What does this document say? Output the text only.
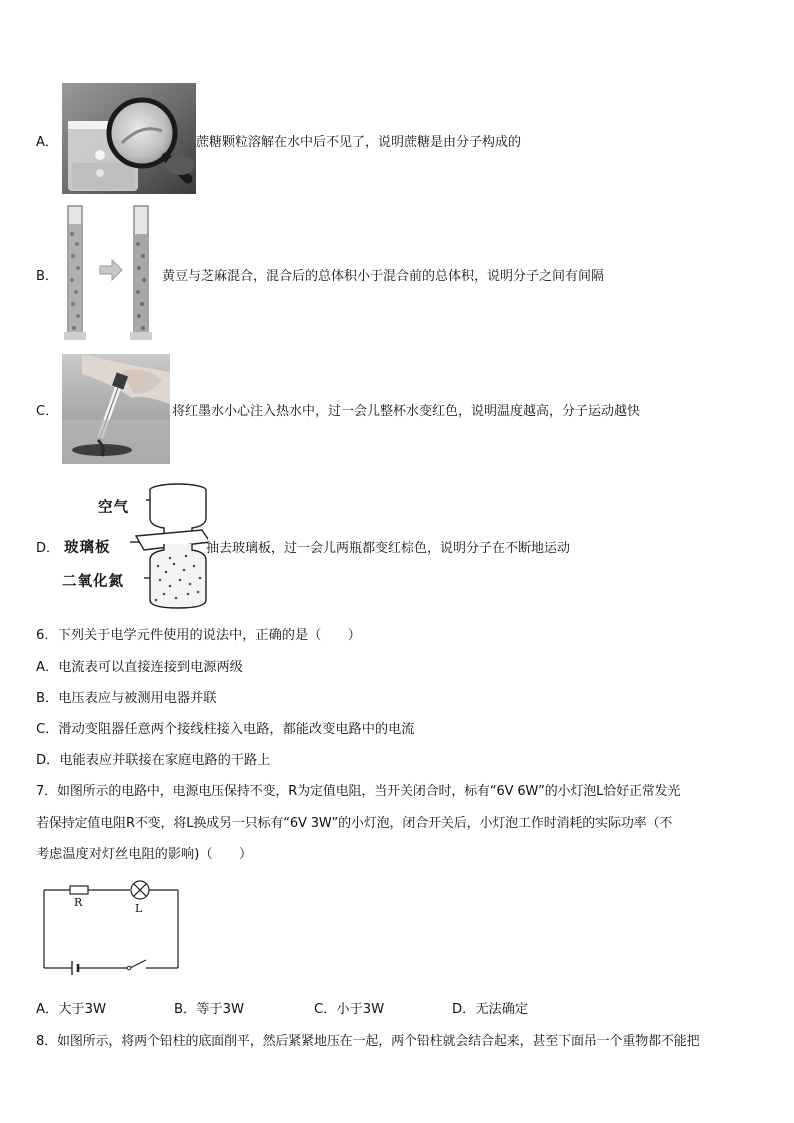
A．	蔗糖颗粒溶解在水中后不见了，说明蔗糖是由分子构成的
B．	黄豆与芝麻混合，混合后的总体积小于混合前的总体积，说明分子之间有间隔
C．	将红墨水小心注入热水中，过一会儿整杯水变红色，说明温度越高，分子运动越快
D．
空气
玻璃板
二氧化氮
抽去玻璃板，过一会儿两瓶都变红棕色，说明分子在不断地运动
6．下列关于电学元件使用的说法中，正确的是（　　）
A．电流表可以直接连接到电源两级
B．电压表应与被测用电器并联
C．滑动变阻器任意两个接线柱接入电路，都能改变电路中的电流
D．电能表应并联接在家庭电路的干路上
7．如图所示的电路中，电源电压保持不变，R为定值电阻，当开关闭合时，标有“6V 6W”的小灯泡L恰好正常发光
若保持定值电阻R不变，将L换成另一只标有“6V 3W”的小灯泡，闭合开关后，小灯泡工作时消耗的实际功率（不
考虑温度对灯丝电阻的影响)（　　）
R	L
A．大于3W	B．等于3W	C．小于3W	D．无法确定
8．如图所示，将两个铅柱的底面削平，然后紧紧地压在一起，两个铅柱就会结合起来，甚至下面吊一个重物都不能把
